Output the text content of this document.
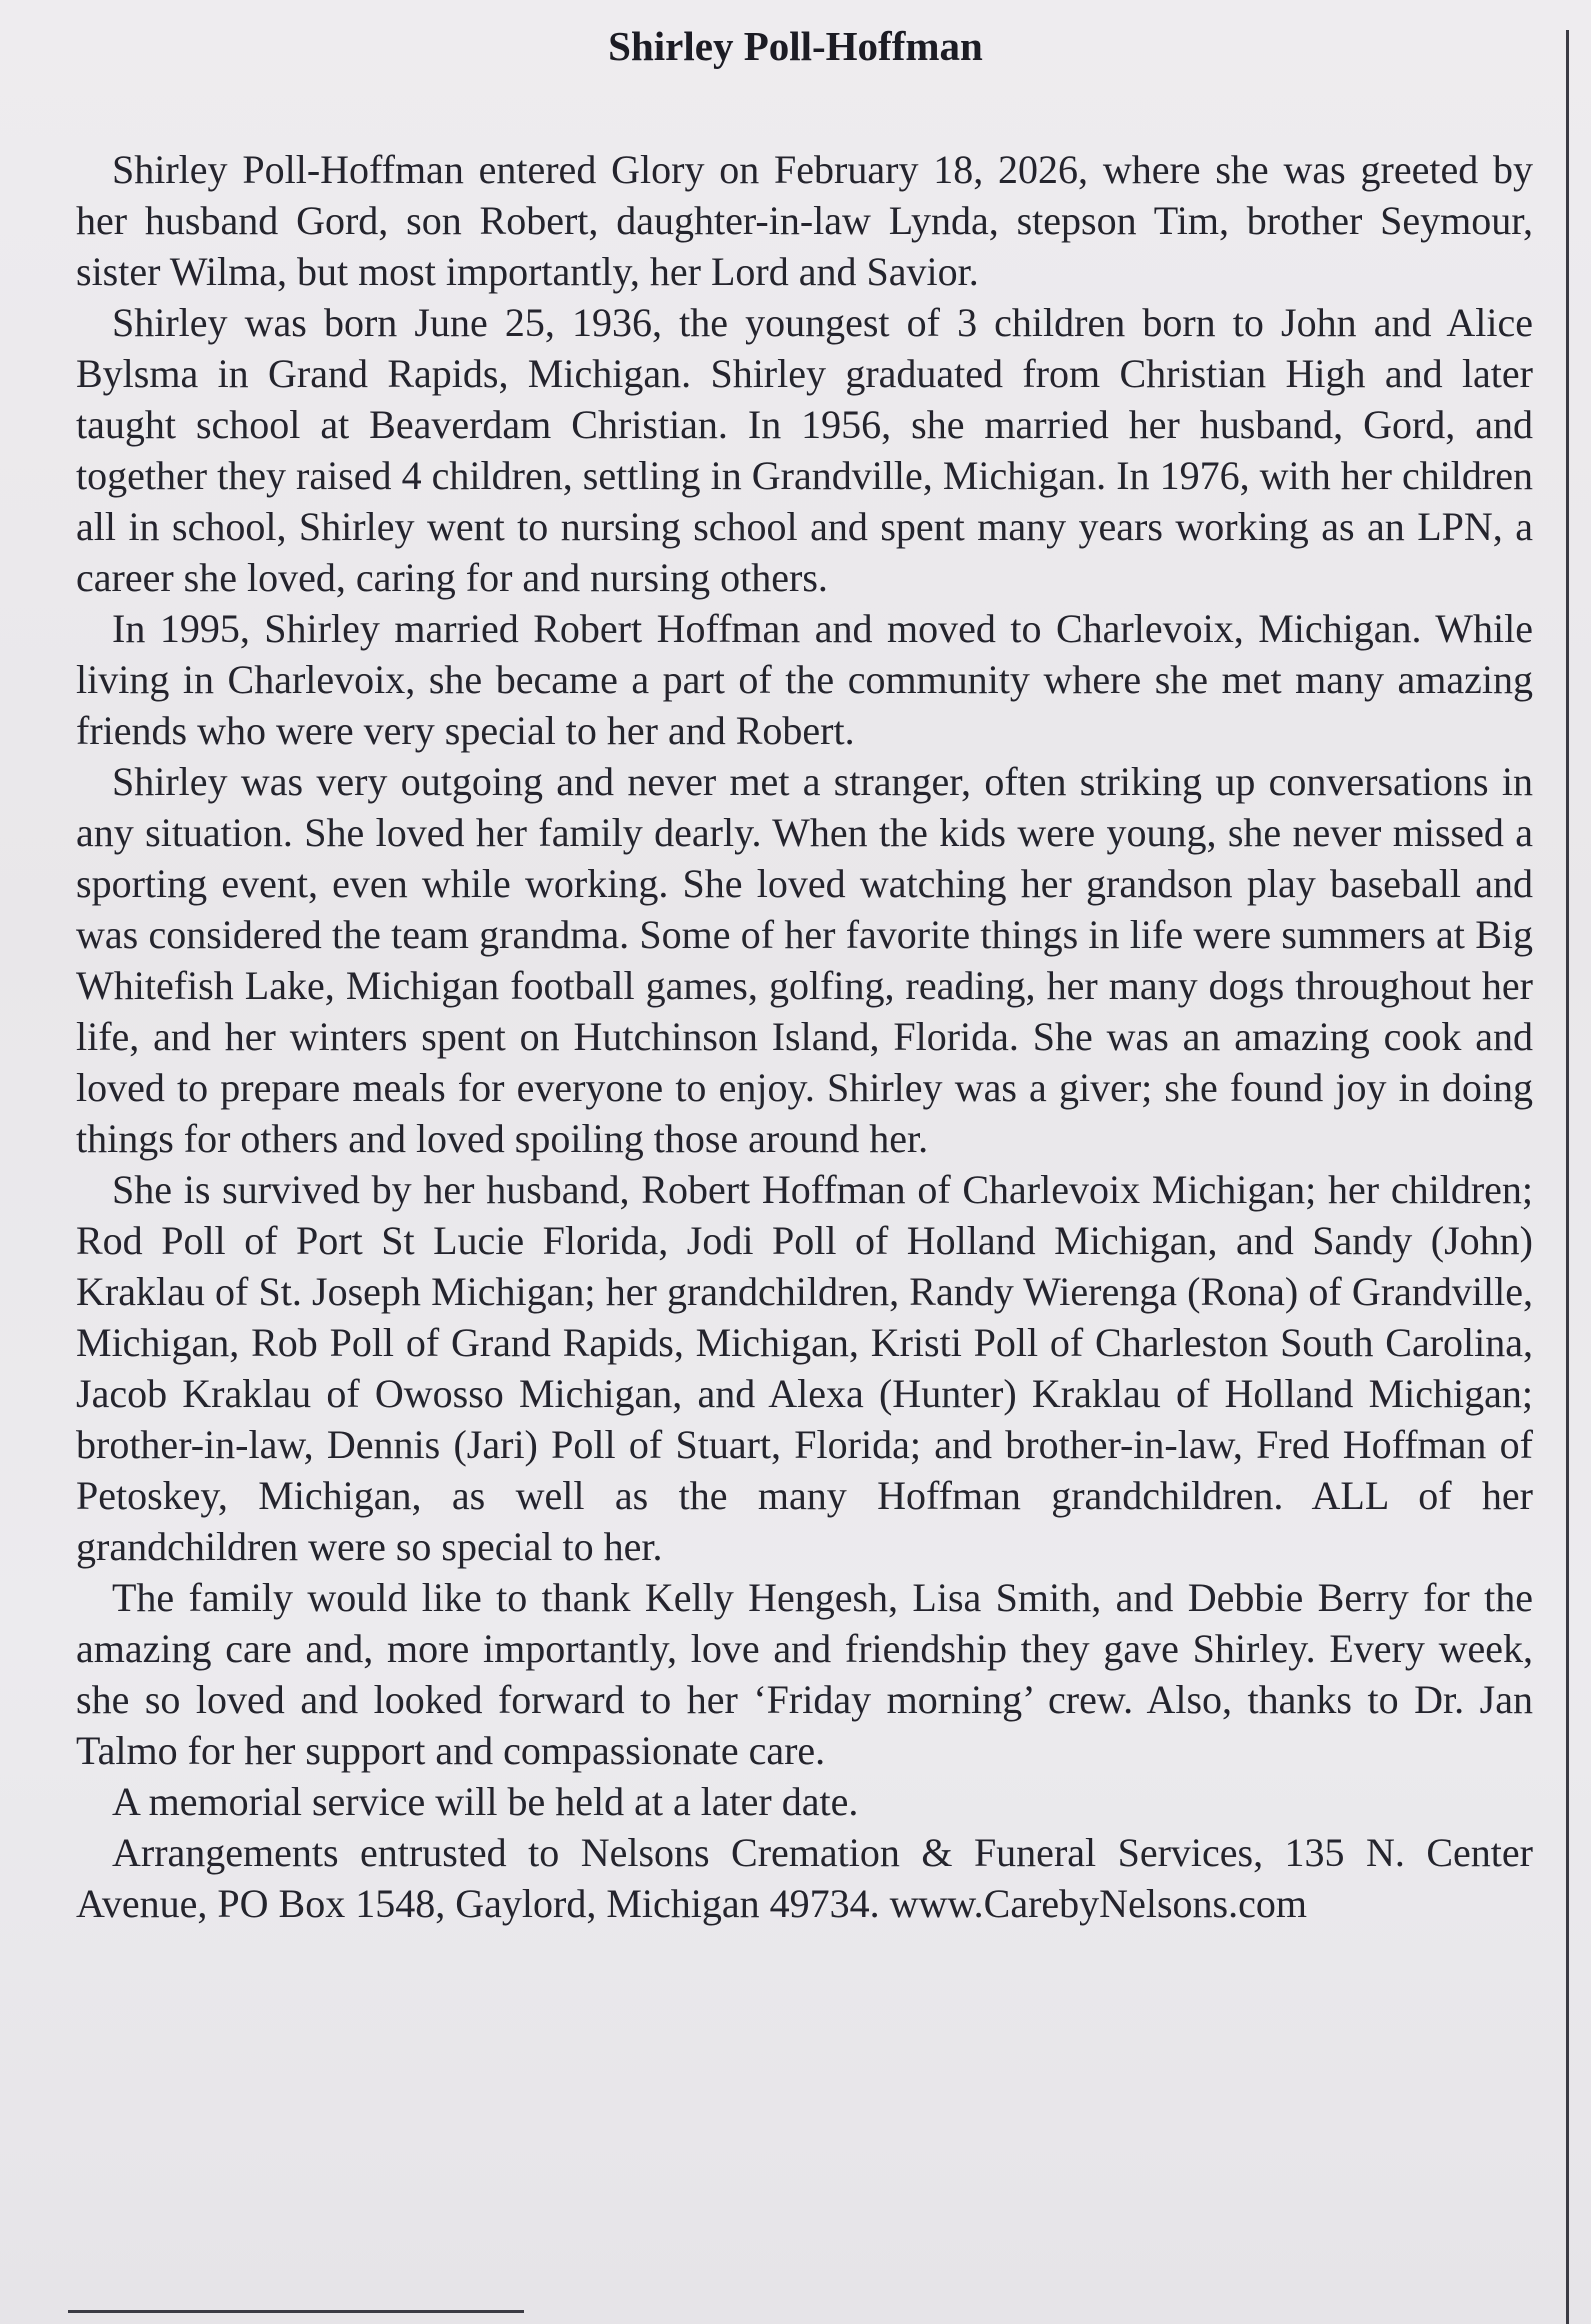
Shirley Poll-Hoffman

Shirley Poll-Hoffman entered Glory on February 18, 2026, where she was greeted by her husband Gord, son Robert, daughter-in-law Lynda, stepson Tim, brother Seymour, sister Wilma, but most importantly, her Lord and Savior.

Shirley was born June 25, 1936, the youngest of 3 children born to John and Alice Bylsma in Grand Rapids, Michigan. Shirley graduated from Christian High and later taught school at Beaverdam Christian. In 1956, she married her husband, Gord, and together they raised 4 children, settling in Grandville, Michigan. In 1976, with her children all in school, Shirley went to nursing school and spent many years working as an LPN, a career she loved, caring for and nursing others.

In 1995, Shirley married Robert Hoffman and moved to Charlevoix, Michigan. While living in Charlevoix, she became a part of the community where she met many amazing friends who were very special to her and Robert.

Shirley was very outgoing and never met a stranger, often striking up conversations in any situation. She loved her family dearly. When the kids were young, she never missed a sporting event, even while working. She loved watching her grandson play baseball and was considered the team grandma. Some of her favorite things in life were summers at Big Whitefish Lake, Michigan football games, golfing, reading, her many dogs throughout her life, and her winters spent on Hutchinson Island, Florida. She was an amazing cook and loved to prepare meals for everyone to enjoy. Shirley was a giver; she found joy in doing things for others and loved spoiling those around her.

She is survived by her husband, Robert Hoffman of Charlevoix Michigan; her children; Rod Poll of Port St Lucie Florida, Jodi Poll of Holland Michigan, and Sandy (John) Kraklau of St. Joseph Michigan; her grandchildren, Randy Wierenga (Rona) of Grandville, Michigan, Rob Poll of Grand Rapids, Michigan, Kristi Poll of Charleston South Carolina, Jacob Kraklau of Owosso Michigan, and Alexa (Hunter) Kraklau of Holland Michigan; brother-in-law, Dennis (Jari) Poll of Stuart, Florida; and brother-in-law, Fred Hoffman of Petoskey, Michigan, as well as the many Hoffman grandchildren. ALL of her grandchildren were so special to her.

The family would like to thank Kelly Hengesh, Lisa Smith, and Debbie Berry for the amazing care and, more importantly, love and friendship they gave Shirley. Every week, she so loved and looked forward to her ‘Friday morning’ crew. Also, thanks to Dr. Jan Talmo for her support and compassionate care.

A memorial service will be held at a later date.

Arrangements entrusted to Nelsons Cremation & Funeral Services, 135 N. Center Avenue, PO Box 1548, Gaylord, Michigan 49734. www.CarebyNelsons.com
